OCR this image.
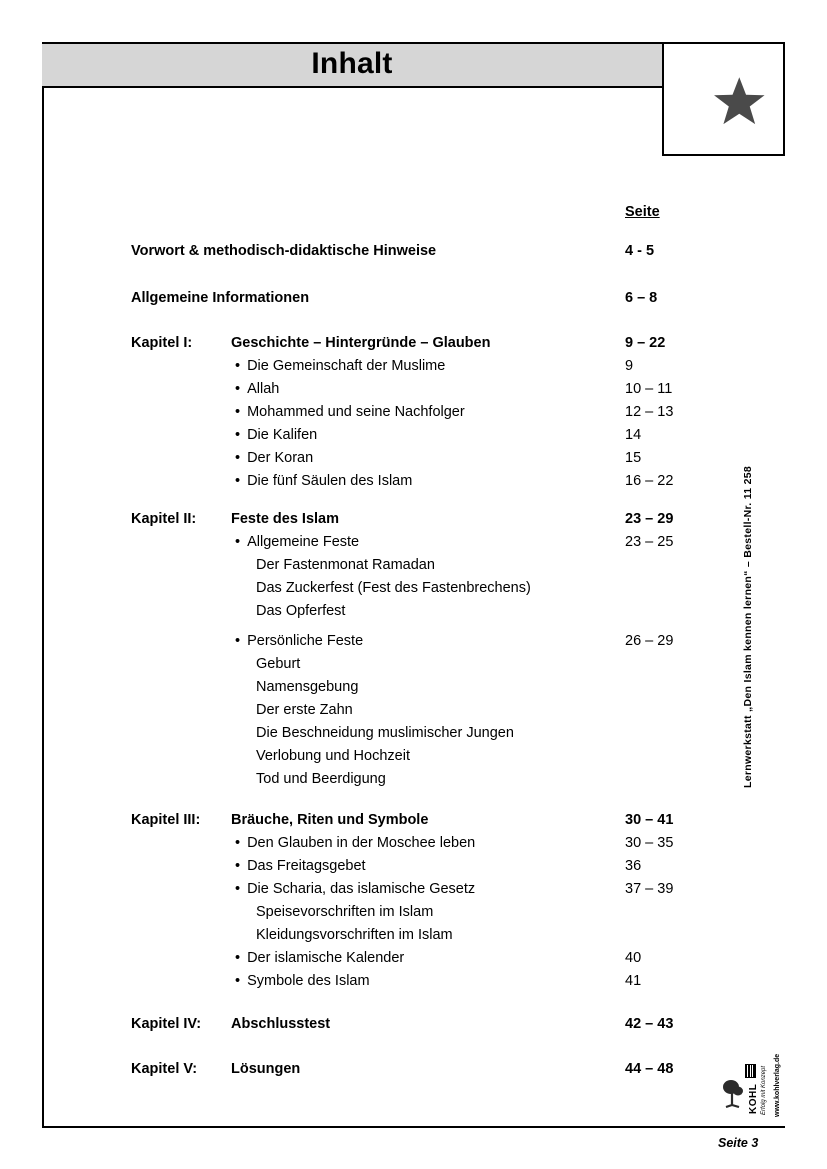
Inhalt
Seite
Vorwort & methodisch-didaktische Hinweise	4 - 5
Allgemeine Informationen	6 – 8
Kapitel I:	Geschichte – Hintergründe – Glauben	9 – 22
• Die Gemeinschaft der Muslime	9
• Allah	10 – 11
• Mohammed und seine Nachfolger	12 – 13
• Die Kalifen	14
• Der Koran	15
• Die fünf Säulen des Islam	16 – 22
Kapitel II: Feste des Islam	23 – 29
• Allgemeine Feste	23 – 25
Der Fastenmonat Ramadan
Das Zuckerfest (Fest des Fastenbrechens)
Das Opferfest
• Persönliche Feste	26 – 29
Geburt
Namensgebung
Der erste Zahn
Die Beschneidung muslimischer Jungen
Verlobung und Hochzeit
Tod und Beerdigung
Kapitel III: Bräuche, Riten und Symbole	30 – 41
• Den Glauben in der Moschee leben	30 – 35
• Das Freitagsgebet	36
• Die Scharia, das islamische Gesetz	37 – 39
Speisevorschriften im Islam
Kleidungsvorschriften im Islam
• Der islamische Kalender	40
• Symbole des Islam	41
Kapitel IV: Abschlusstest	42 – 43
Kapitel V: Lösungen	44 – 48
Lernwerkstatt „Den Islam kennen lernen“ – Bestell-Nr. 11 258
KOHL Erfolg mit Konzept www.kohlverlag.de
Seite 3
